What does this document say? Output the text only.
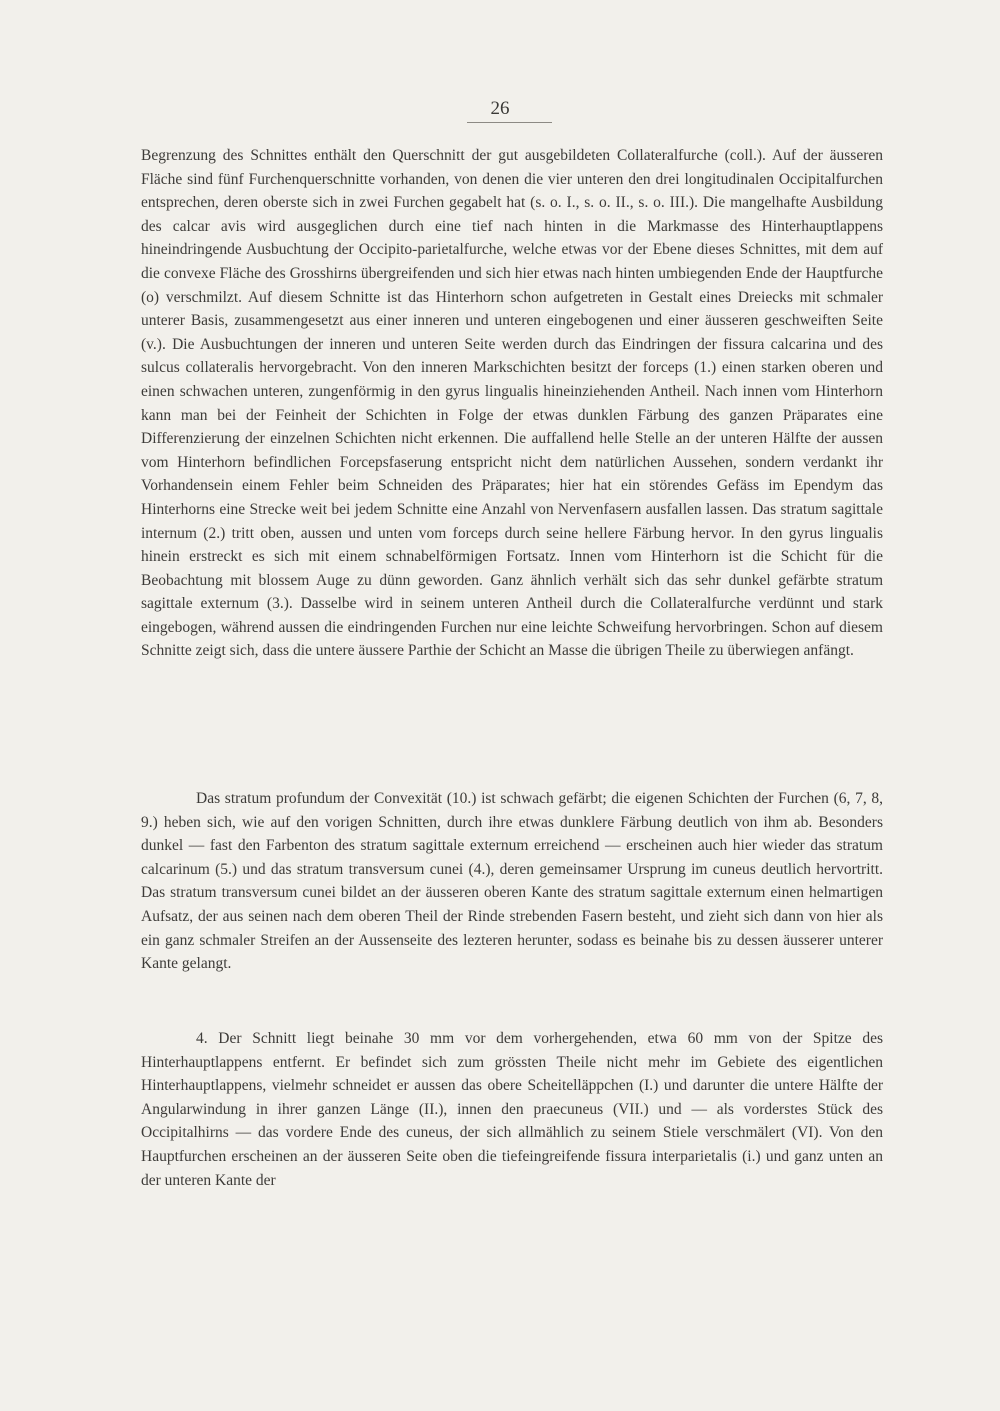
26

Begrenzung des Schnittes enthält den Querschnitt der gut ausgebildeten Collateralfurche (coll.). Auf der äusseren Fläche sind fünf Furchenquerschnitte vorhanden, von denen die vier unteren den drei longitudinalen Occipitalfurchen entsprechen, deren oberste sich in zwei Furchen gegabelt hat (s. o. I., s. o. II., s. o. III.). Die mangelhafte Ausbildung des calcar avis wird ausgeglichen durch eine tief nach hinten in die Markmasse des Hinterhauptlappens hineindringende Ausbuchtung der Occipito-parietalfurche, welche etwas vor der Ebene dieses Schnittes, mit dem auf die convexe Fläche des Grosshirns übergreifenden und sich hier etwas nach hinten umbiegenden Ende der Hauptfurche (o) verschmilzt. Auf diesem Schnitte ist das Hinterhorn schon aufgetreten in Gestalt eines Dreiecks mit schmaler unterer Basis, zusammengesetzt aus einer inneren und unteren eingebogenen und einer äusseren geschweiften Seite (v.). Die Ausbuchtungen der inneren und unteren Seite werden durch das Eindringen der fissura calcarina und des sulcus collateralis hervorgebracht. Von den inneren Markschichten besitzt der forceps (1.) einen starken oberen und einen schwachen unteren, zungenförmig in den gyrus lingualis hineinziehenden Antheil. Nach innen vom Hinterhorn kann man bei der Feinheit der Schichten in Folge der etwas dunklen Färbung des ganzen Präparates eine Differenzierung der einzelnen Schichten nicht erkennen. Die auffallend helle Stelle an der unteren Hälfte der aussen vom Hinterhorn befindlichen Forcepsfaserung entspricht nicht dem natürlichen Aussehen, sondern verdankt ihr Vorhandensein einem Fehler beim Schneiden des Präparates; hier hat ein störendes Gefäss im Ependym das Hinterhorns eine Strecke weit bei jedem Schnitte eine Anzahl von Nervenfasern ausfallen lassen. Das stratum sagittale internum (2.) tritt oben, aussen und unten vom forceps durch seine hellere Färbung hervor. In den gyrus lingualis hinein erstreckt es sich mit einem schnabelförmigen Fortsatz. Innen vom Hinterhorn ist die Schicht für die Beobachtung mit blossem Auge zu dünn geworden. Ganz ähnlich verhält sich das sehr dunkel gefärbte stratum sagittale externum (3.). Dasselbe wird in seinem unteren Antheil durch die Collateralfurche verdünnt und stark eingebogen, während aussen die eindringenden Furchen nur eine leichte Schweifung hervorbringen. Schon auf diesem Schnitte zeigt sich, dass die untere äussere Parthie der Schicht an Masse die übrigen Theile zu überwiegen anfängt.

Das stratum profundum der Convexität (10.) ist schwach gefärbt; die eigenen Schichten der Furchen (6, 7, 8, 9.) heben sich, wie auf den vorigen Schnitten, durch ihre etwas dunklere Färbung deutlich von ihm ab. Besonders dunkel — fast den Farbenton des stratum sagittale externum erreichend — erscheinen auch hier wieder das stratum calcarinum (5.) und das stratum transversum cunei (4.), deren gemeinsamer Ursprung im cuneus deutlich hervortritt. Das stratum transversum cunei bildet an der äusseren oberen Kante des stratum sagittale externum einen helmartigen Aufsatz, der aus seinen nach dem oberen Theil der Rinde strebenden Fasern besteht, und zieht sich dann von hier als ein ganz schmaler Streifen an der Aussenseite des lezteren herunter, sodass es beinahe bis zu dessen äusserer unterer Kante gelangt.

4. Der Schnitt liegt beinahe 30 mm vor dem vorhergehenden, etwa 60 mm von der Spitze des Hinterhauptlappens entfernt. Er befindet sich zum grössten Theile nicht mehr im Gebiete des eigentlichen Hinterhauptlappens, vielmehr schneidet er aussen das obere Scheitelläppchen (I.) und darunter die untere Hälfte der Angularwindung in ihrer ganzen Länge (II.), innen den praecuneus (VII.) und — als vorderstes Stück des Occipitalhirns — das vordere Ende des cuneus, der sich allmählich zu seinem Stiele verschmälert (VI). Von den Hauptfurchen erscheinen an der äusseren Seite oben die tiefeingreifende fissura interparietalis (i.) und ganz unten an der unteren Kante der
